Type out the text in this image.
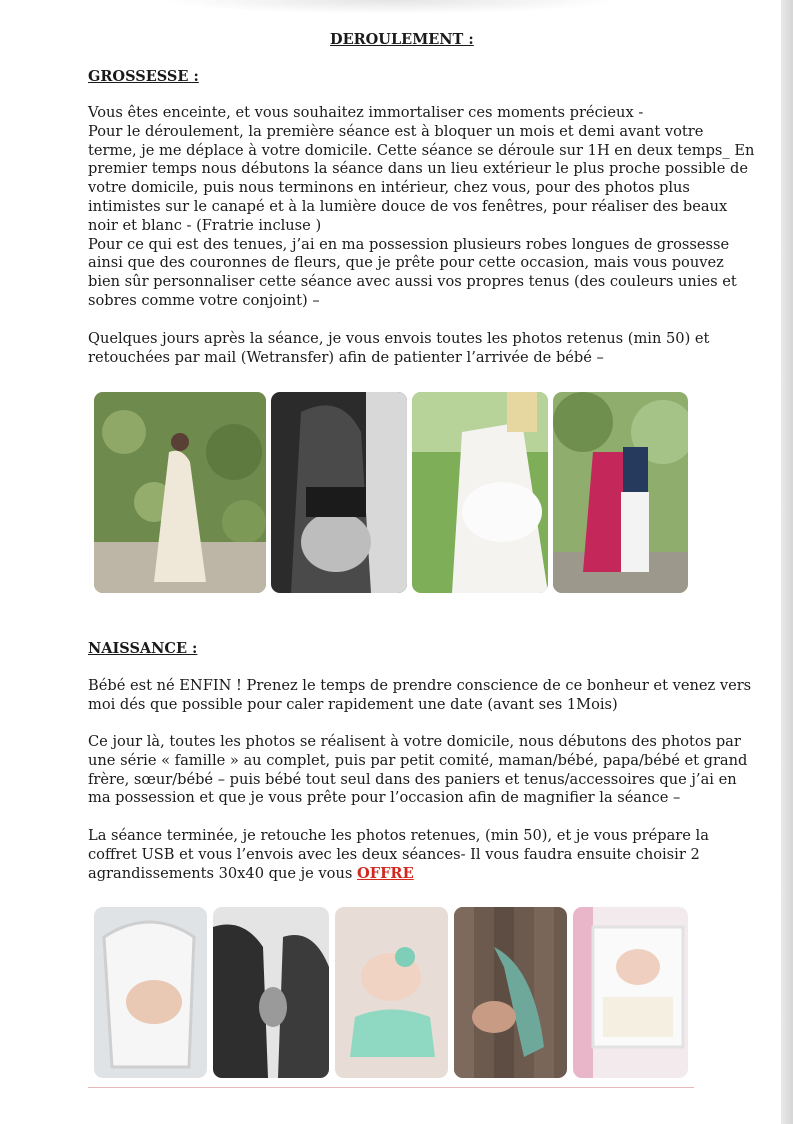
DEROULEMENT :
GROSSESSE :
Vous êtes enceinte, et vous souhaitez immortaliser ces moments précieux -
Pour le déroulement, la première séance est à bloquer un mois et demi avant votre
terme, je me déplace à votre domicile. Cette séance se déroule sur 1H en deux temps_ En
premier temps nous débutons la séance dans un lieu extérieur le plus proche possible de
votre domicile, puis nous terminons en intérieur, chez vous, pour des photos plus
intimistes sur le canapé et à la lumière douce de vos fenêtres, pour réaliser des beaux
noir et blanc - (Fratrie incluse )
Pour ce qui est des tenues, j’ai en ma possession plusieurs robes longues de grossesse
ainsi que des couronnes de fleurs, que je prête pour cette occasion, mais vous pouvez
bien sûr personnaliser cette séance avec aussi vos propres tenus (des couleurs unies et
sobres comme votre conjoint) –
Quelques jours après la séance, je vous envois toutes les photos retenus (min 50) et
retouchées par mail (Wetransfer) afin de patienter l’arrivée de bébé –
NAISSANCE :
Bébé est né ENFIN ! Prenez le temps de prendre conscience de ce bonheur et venez vers
moi dés que possible pour caler rapidement une date (avant ses 1Mois)
Ce jour là, toutes les photos se réalisent à votre domicile, nous débutons des photos par
une série « famille » au complet, puis par petit comité, maman/bébé, papa/bébé et grand
frère, sœur/bébé – puis bébé tout seul dans des paniers et tenus/accessoires que j’ai en
ma possession et que je vous prête pour l’occasion afin de magnifier la séance –
La séance terminée, je retouche les photos retenues, (min 50), et je vous prépare la
coffret USB et vous l’envois avec les deux séances- Il vous faudra ensuite choisir 2
agrandissements 30x40 que je vous OFFRE
